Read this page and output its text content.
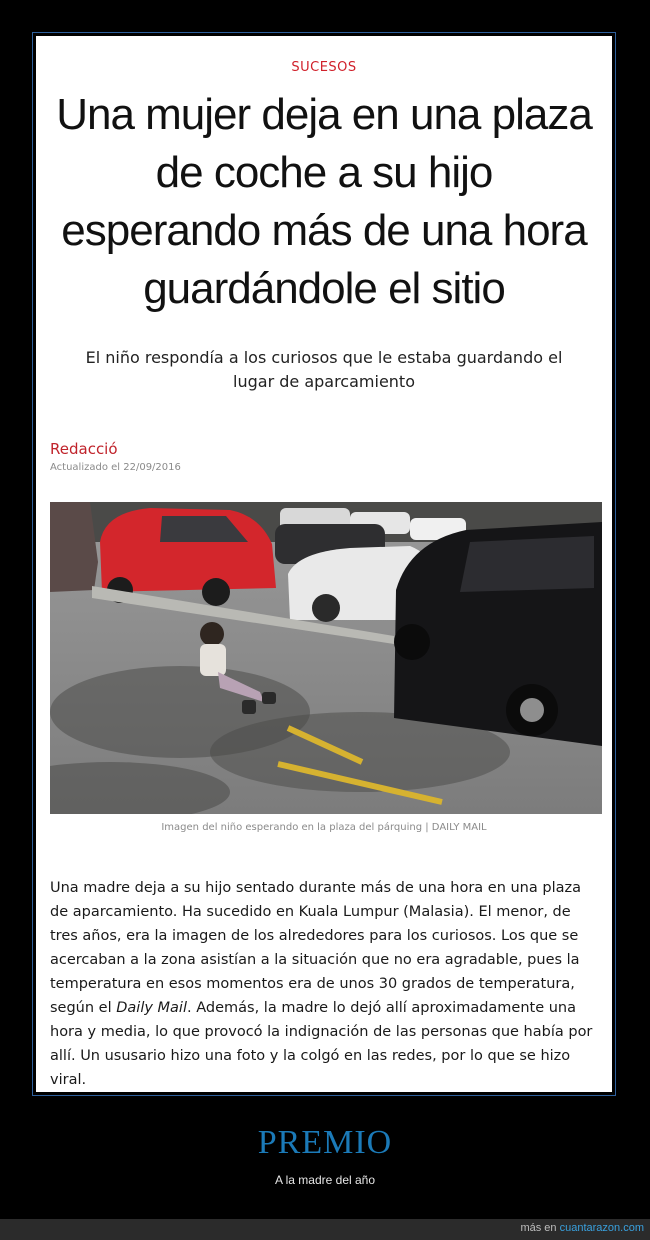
SUCESOS
Una mujer deja en una plaza de coche a su hijo esperando más de una hora guardándole el sitio

El niño respondía a los curiosos que le estaba guardando el lugar de aparcamiento

Redacció
Actualizado el 22/09/2016
Imagen del niño esperando en la plaza del párquing | DAILY MAIL

Una madre deja a su hijo sentado durante más de una hora en una plaza de aparcamiento. Ha sucedido en Kuala Lumpur (Malasia). El menor, de tres años, era la imagen de los alrededores para los curiosos. Los que se acercaban a la zona asistían a la situación que no era agradable, pues la temperatura en esos momentos era de unos 30 grados de temperatura, según el Daily Mail. Además, la madre lo dejó allí aproximadamente una hora y media, lo que provocó la indignación de las personas que había por allí. Un ususario hizo una foto y la colgó en las redes, por lo que se hizo viral.

PREMIO
A la madre del año
más en cuantarazon.com
